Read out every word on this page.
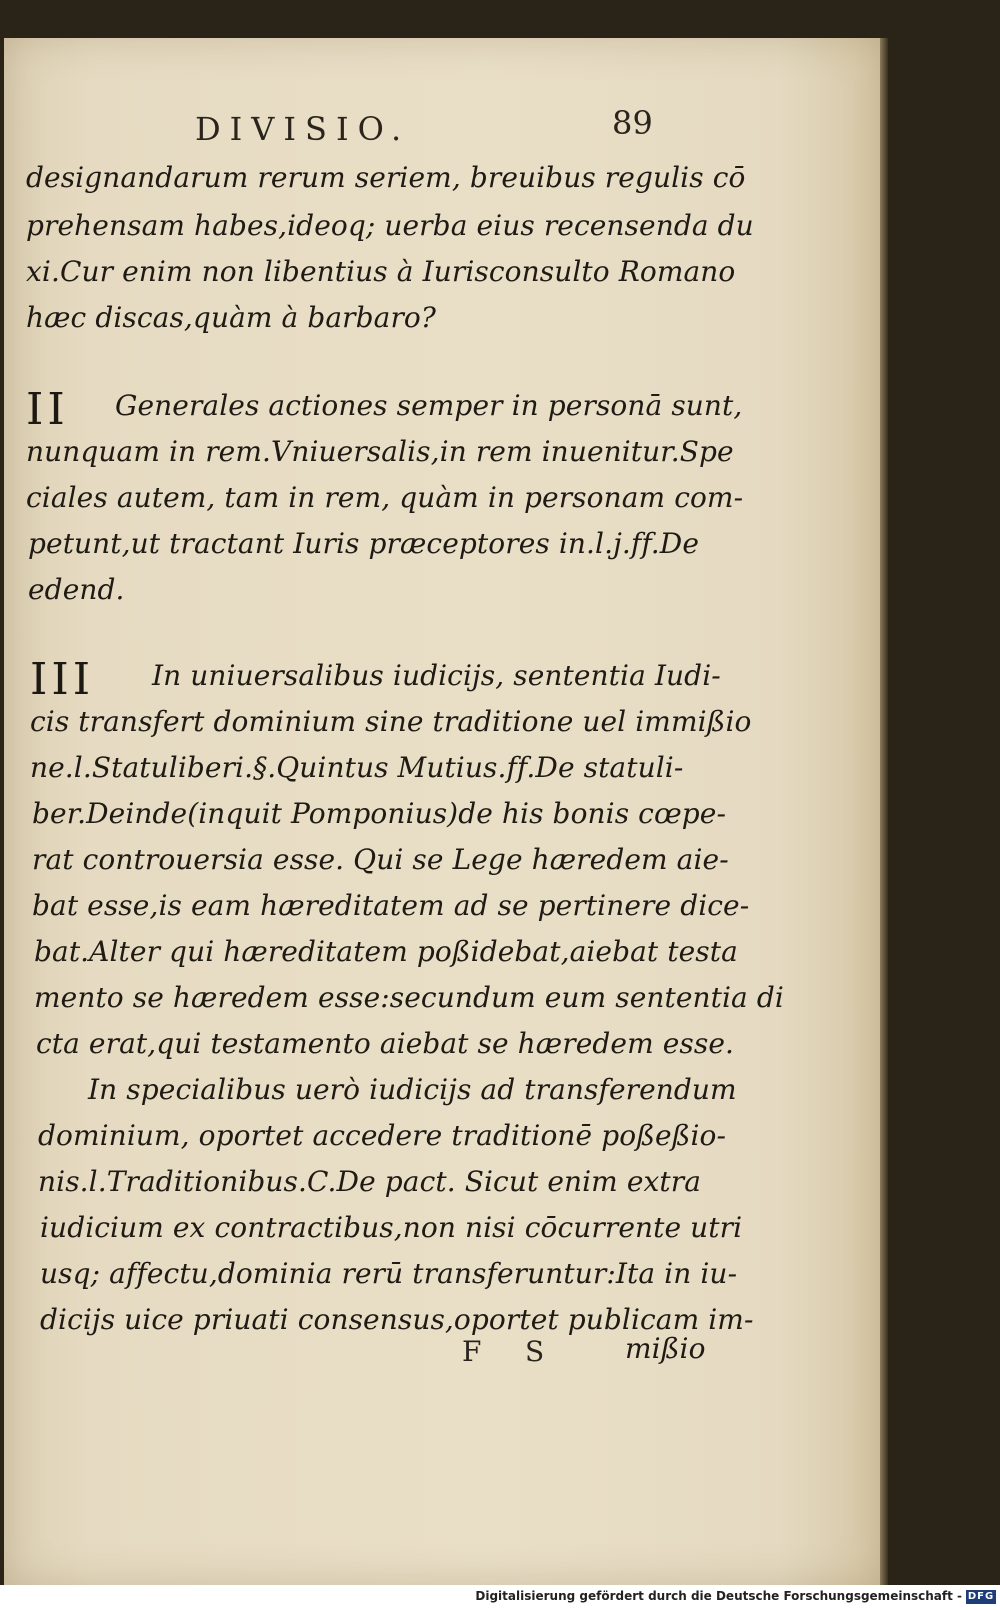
DIVISIO.	89
designandarum rerum seriem, breuibus regulis cō
prehensam habes,ideoq; uerba eius recensenda du
xi.Cur enim non libentius à Iurisconsulto Romano
hæc discas,quàm à barbaro?
II Generales actiones semper in personā sunt,
nunquam in rem.Vniuersalis,in rem inuenitur.Spe
ciales autem, tam in rem, quàm in personam com-
petunt,ut tractant Iuris præceptores in.l.j.ff.De
edend.
III In uniuersalibus iudicijs, sententia Iudi-
cis transfert dominium sine traditione uel immißio
ne.l.Statuliberi.§.Quintus Mutius.ff.De statuli-
ber.Deinde(inquit Pomponius)de his bonis cœpe-
rat controuersia esse. Qui se Lege hæredem aie-
bat esse,is eam hæreditatem ad se pertinere dice-
bat.Alter qui hæreditatem poßidebat,aiebat testa
mento se hæredem esse:secundum eum sententia di
cta erat,qui testamento aiebat se hæredem esse.
In specialibus uerò iudicijs ad transferendum
dominium, oportet accedere traditionē poßeßio-
nis.l.Traditionibus.C.De pact. Sicut enim extra
iudicium ex contractibus,non nisi cōcurrente utri
usq; affectu,dominia rerū transferuntur:Ita in iu-
dicijs uice priuati consensus,oportet publicam im-
F S	mißio
Digitalisierung gefördert durch die Deutsche Forschungsgemeinschaft - DFG
